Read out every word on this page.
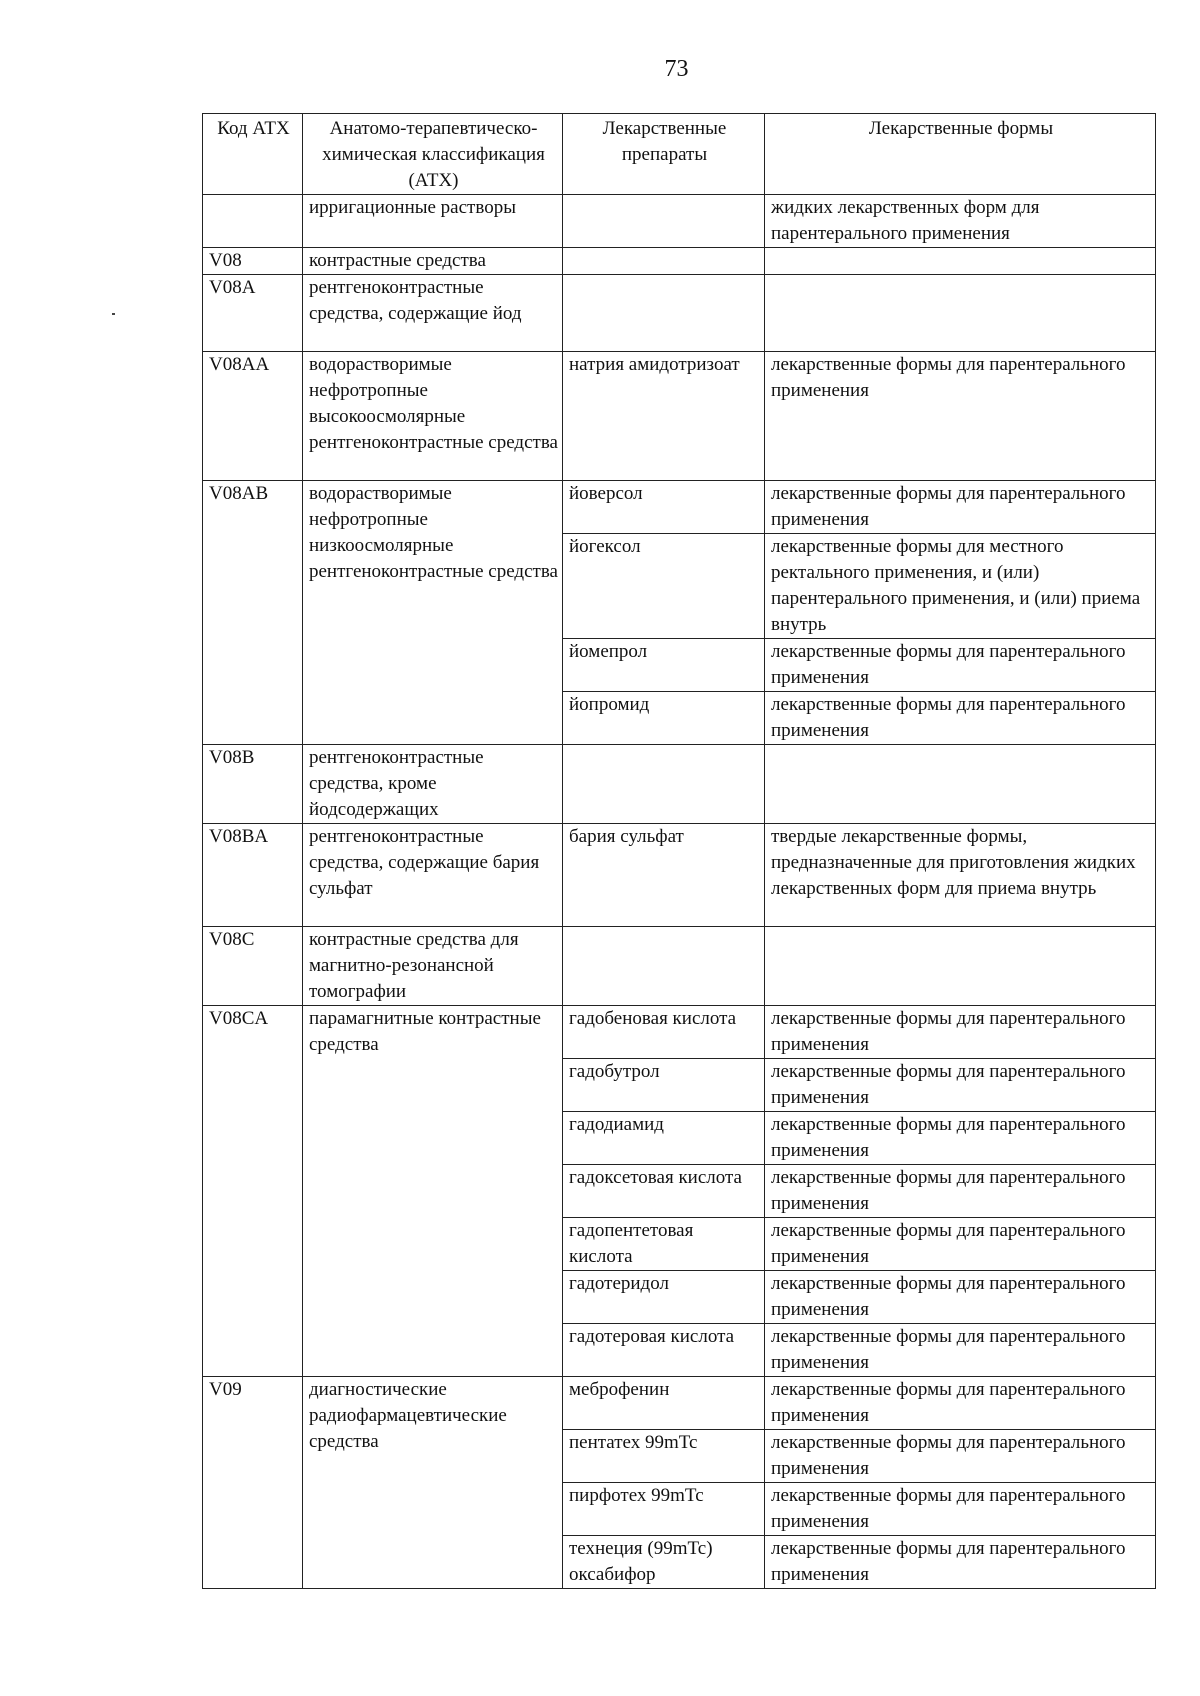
73
Код АТХ	Анатомо-терапевтическо-химическая классификация (АТХ)	Лекарственные препараты	Лекарственные формы
	ирригационные растворы		жидких лекарственных форм для парентерального применения
V08	контрастные средства		
V08A	рентгеноконтрастные средства, содержащие йод		
V08AA	водорастворимые нефротропные высокоосмолярные рентгеноконтрастные средства	натрия амидотризоат	лекарственные формы для парентерального применения
V08AB	водорастворимые нефротропные низкоосмолярные рентгеноконтрастные средства	йоверсол	лекарственные формы для парентерального применения
		йогексол	лекарственные формы для местного ректального применения, и (или) парентерального применения, и (или) приема внутрь
		йомепрол	лекарственные формы для парентерального применения
		йопромид	лекарственные формы для парентерального применения
V08B	рентгеноконтрастные средства, кроме йодсодержащих		
V08BA	рентгеноконтрастные средства, содержащие бария сульфат	бария сульфат	твердые лекарственные формы, предназначенные для приготовления жидких лекарственных форм для приема внутрь
V08C	контрастные средства для магнитно-резонансной томографии		
V08CA	парамагнитные контрастные средства	гадобеновая кислота	лекарственные формы для парентерального применения
		гадобутрол	лекарственные формы для парентерального применения
		гадодиамид	лекарственные формы для парентерального применения
		гадоксетовая кислота	лекарственные формы для парентерального применения
		гадопентетовая кислота	лекарственные формы для парентерального применения
		гадотеридол	лекарственные формы для парентерального применения
		гадотеровая кислота	лекарственные формы для парентерального применения
V09	диагностические радиофармацевтические средства	меброфенин	лекарственные формы для парентерального применения
		пентатех 99mTc	лекарственные формы для парентерального применения
		пирфотех 99mTc	лекарственные формы для парентерального применения
		технеция (99mTc) оксабифор	лекарственные формы для парентерального применения
